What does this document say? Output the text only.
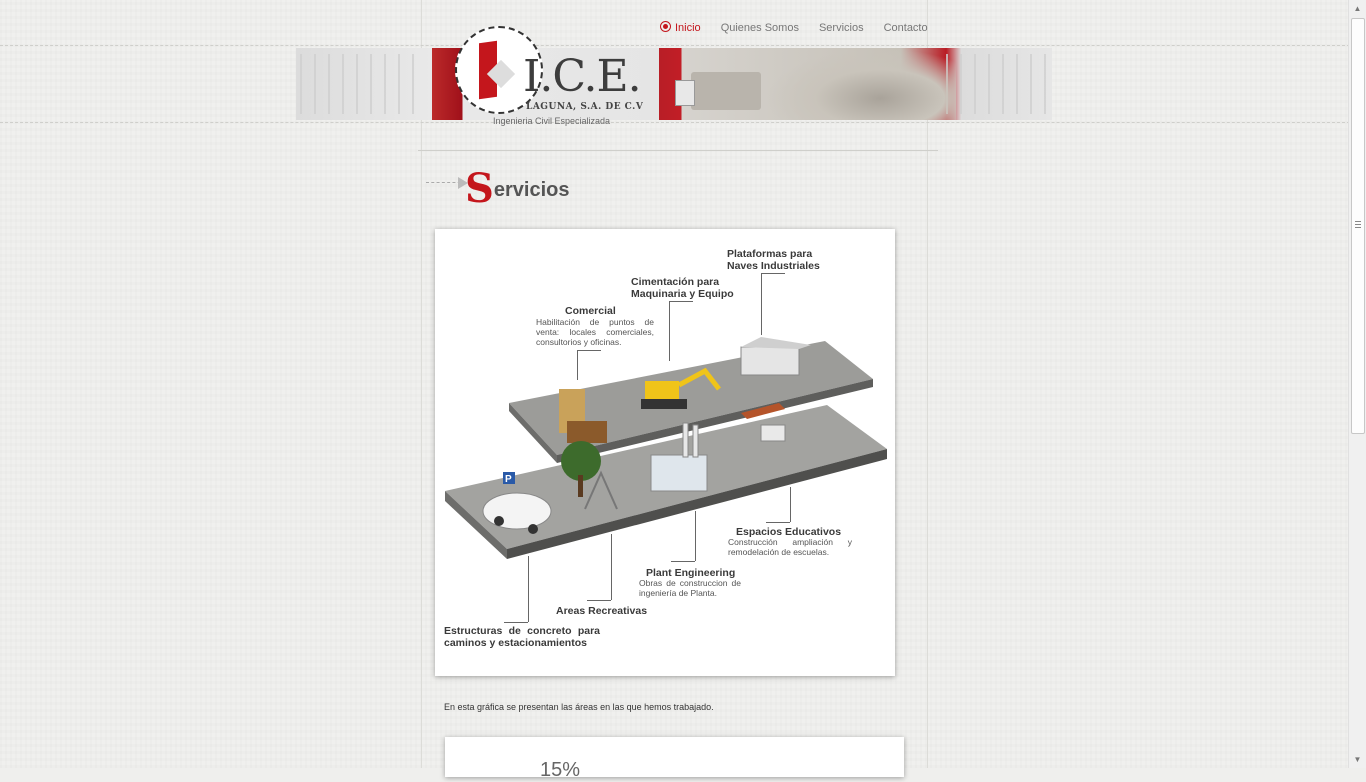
Inicio	Quienes Somos	Servicios	Contacto
I.C.E.
LAGUNA, S.A. DE C.V
Ingenieria Civil Especializada
Servicios
P
Plataformas para Naves Industriales
Cimentación para Maquinaria y Equipo
Comercial
Habilitación de puntos de venta: locales comerciales, consultorios y oficinas.
Espacios Educativos
Construcción ampliación y remodelación de escuelas.
Plant Engineering
Obras de construccion de ingeniería de Planta.
Areas Recreativas
Estructuras de concreto para caminos y estacionamientos
En esta gráfica se presentan las áreas en las que hemos trabajado.
15%
▲
▼
